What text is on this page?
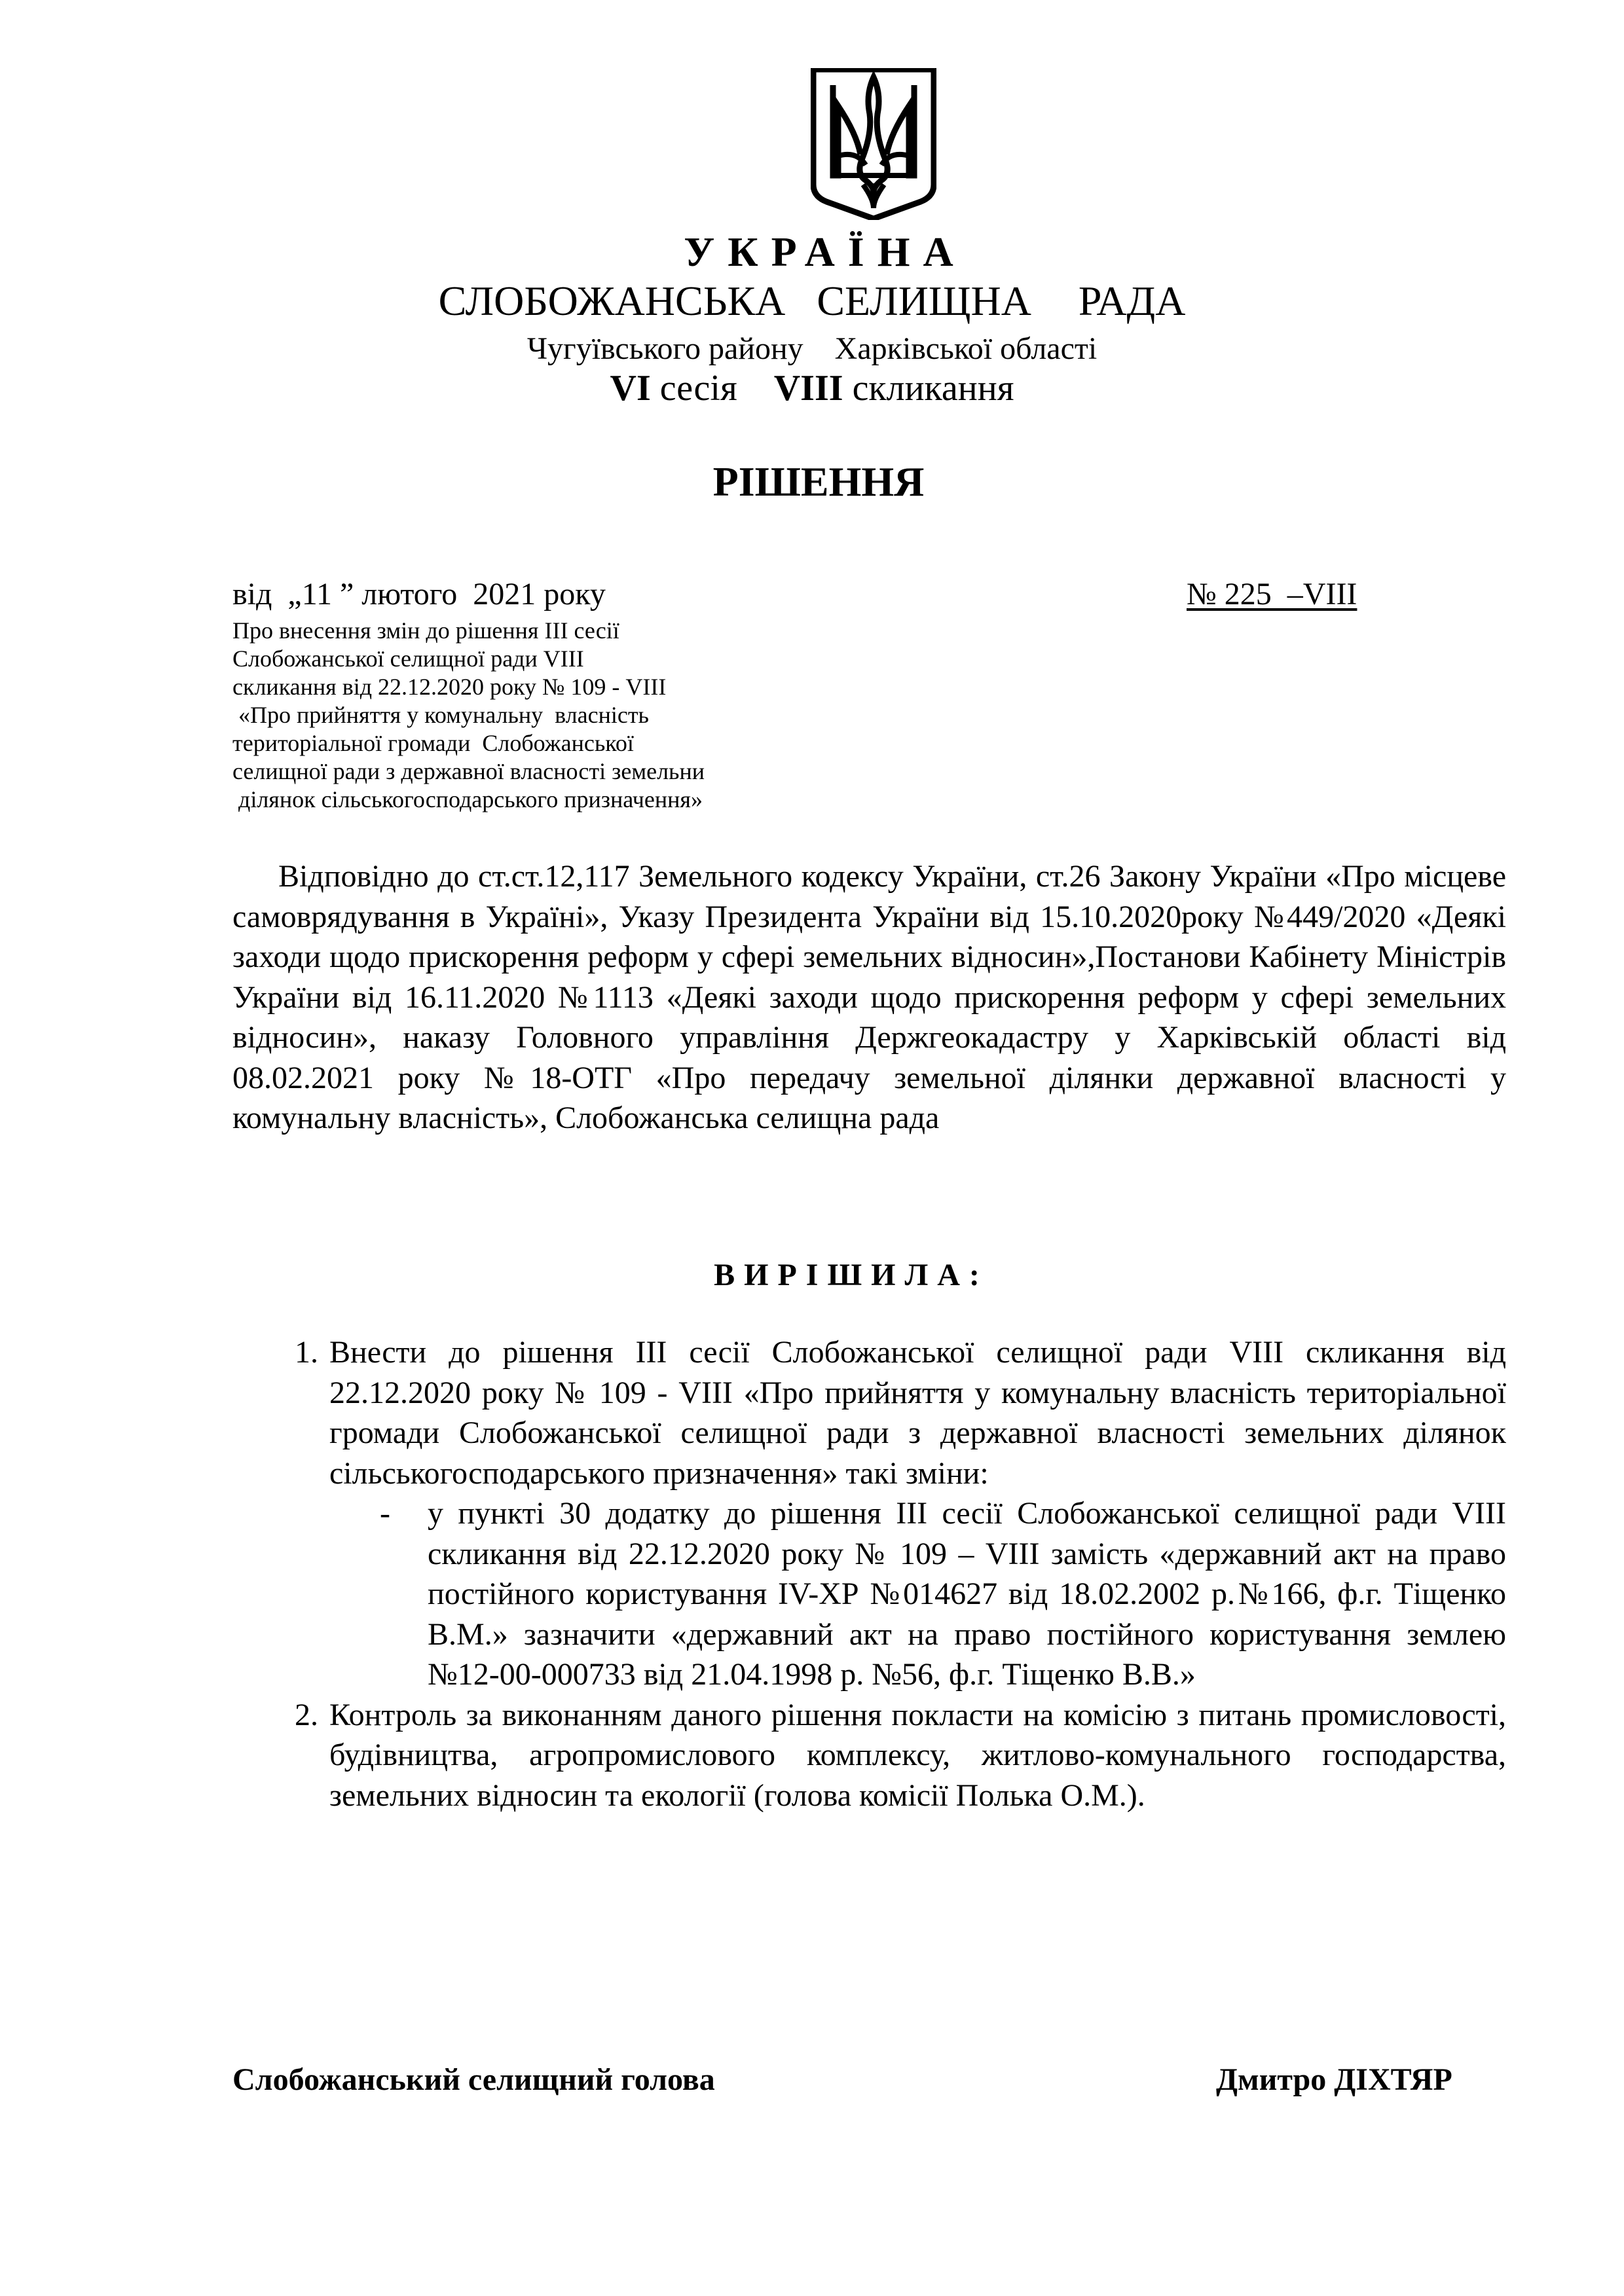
УКРАЇНА
СЛОБОЖАНСЬКА  СЕЛИЩНА   РАДА
Чугуївського району    Харківської області
VI сесія    VIII скликання
РІШЕННЯ
від  „11 ” лютого  2021 року	№ 225  –VIII
Про внесення змін до рішення ІІІ сесії
Слобожанської селищної ради VIII
скликання від 22.12.2020 року № 109 - VIII
«Про прийняття у комунальну  власність
територіальної громади  Слобожанської
селищної ради з державної власності земельни
ділянок сільськогосподарського призначення»
Відповідно до ст.ст.12,117 Земельного кодексу України, ст.26 Закону України «Про місцеве самоврядування в Україні», Указу Президента України від 15.10.2020року №449/2020 «Деякі заходи щодо прискорення реформ у сфері земельних відносин»,Постанови Кабінету Міністрів України від 16.11.2020 №1113 «Деякі заходи щодо прискорення реформ у сфері земельних відносин», наказу Головного управління Держгеокадастру у Харківській області від 08.02.2021 року №18-ОТГ «Про передачу земельної ділянки державної власності у комунальну власність», Слобожанська селищна рада
ВИРІШИЛА:
1. Внести до рішення ІІІ сесії Слобожанської селищної ради VIII скликання від 22.12.2020 року № 109 - VIII «Про прийняття у комунальну власність територіальної громади Слобожанської селищної ради з державної власності земельних ділянок сільськогосподарського призначення» такі зміни:
- у пункті 30 додатку до рішення ІІІ сесії Слобожанської селищної ради VIII скликання від 22.12.2020 року № 109 – VIII замість «державний акт на право постійного користування IV-ХР №014627 від 18.02.2002 р.№166, ф.г. Тіщенко В.М.» зазначити «державний акт на право постійного користування землею №12-00-000733 від 21.04.1998 р. №56, ф.г. Тіщенко В.В.»
2. Контроль за виконанням даного рішення покласти на комісію з питань промисловості, будівництва, агропромислового комплексу, житлово-комунального господарства, земельних відносин та екології (голова комісії Полька О.М.).
Слобожанський селищний голова	Дмитро ДІХТЯР
